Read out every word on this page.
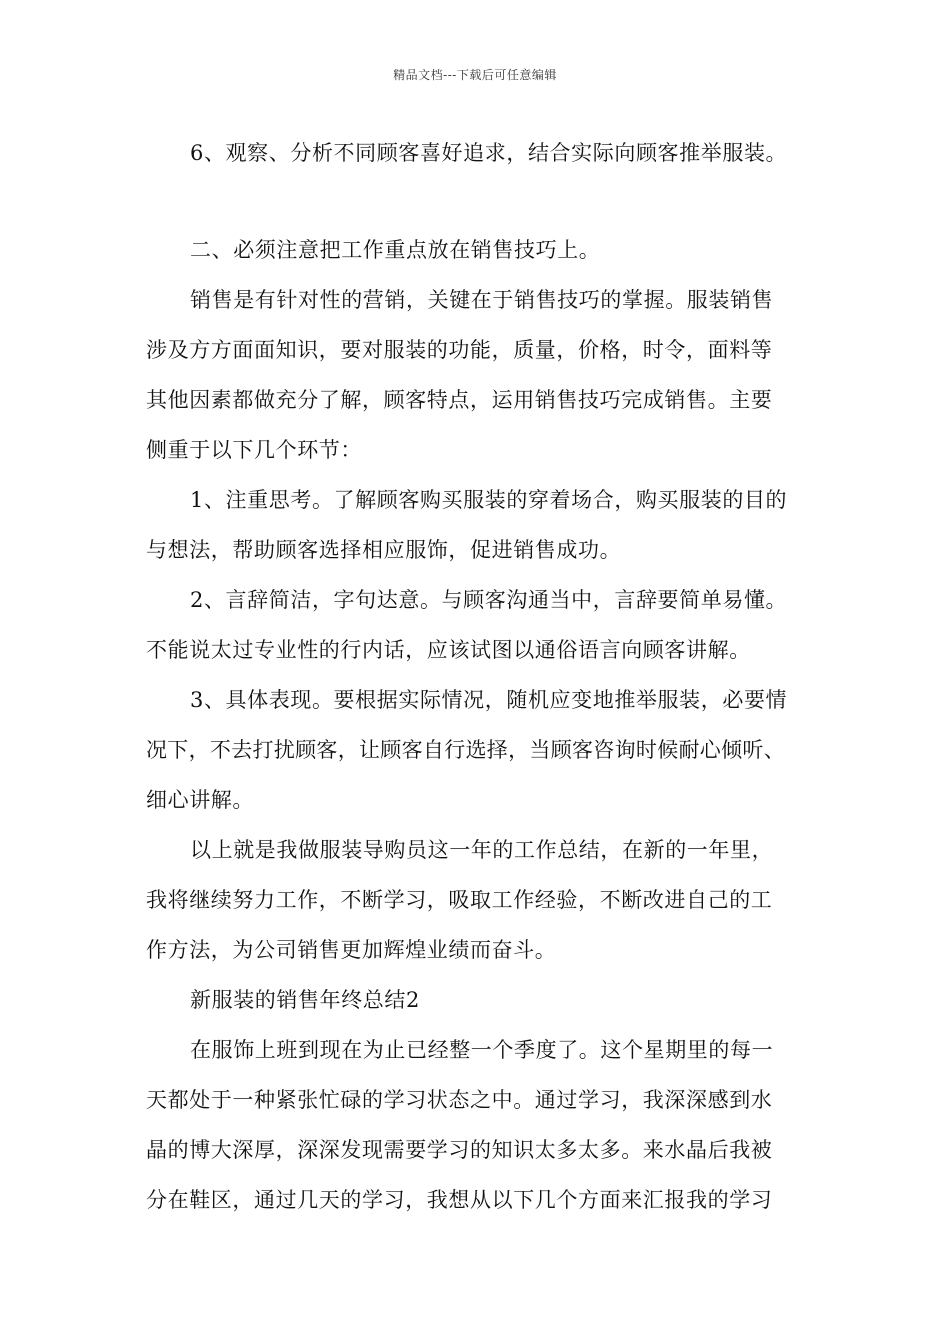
精品文档---下载后可任意编辑
6、观察、分析不同顾客喜好追求，结合实际向顾客推举服装。
二、必须注意把工作重点放在销售技巧上。
销售是有针对性的营销，关键在于销售技巧的掌握。服装销售
涉及方方面面知识，要对服装的功能，质量，价格，时令，面料等
其他因素都做充分了解，顾客特点，运用销售技巧完成销售。主要
侧重于以下几个环节：
1、注重思考。了解顾客购买服装的穿着场合，购买服装的目的
与想法，帮助顾客选择相应服饰，促进销售成功。
2、言辞简洁，字句达意。与顾客沟通当中，言辞要简单易懂。
不能说太过专业性的行内话，应该试图以通俗语言向顾客讲解。
3、具体表现。要根据实际情况，随机应变地推举服装，必要情
况下，不去打扰顾客，让顾客自行选择，当顾客咨询时候耐心倾听、
细心讲解。
以上就是我做服装导购员这一年的工作总结，在新的一年里，
我将继续努力工作，不断学习，吸取工作经验，不断改进自己的工
作方法，为公司销售更加辉煌业绩而奋斗。
新服装的销售年终总结2
在服饰上班到现在为止已经整一个季度了。这个星期里的每一
天都处于一种紧张忙碌的学习状态之中。通过学习，我深深感到水
晶的博大深厚，深深发现需要学习的知识太多太多。来水晶后我被
分在鞋区，通过几天的学习，我想从以下几个方面来汇报我的学习
